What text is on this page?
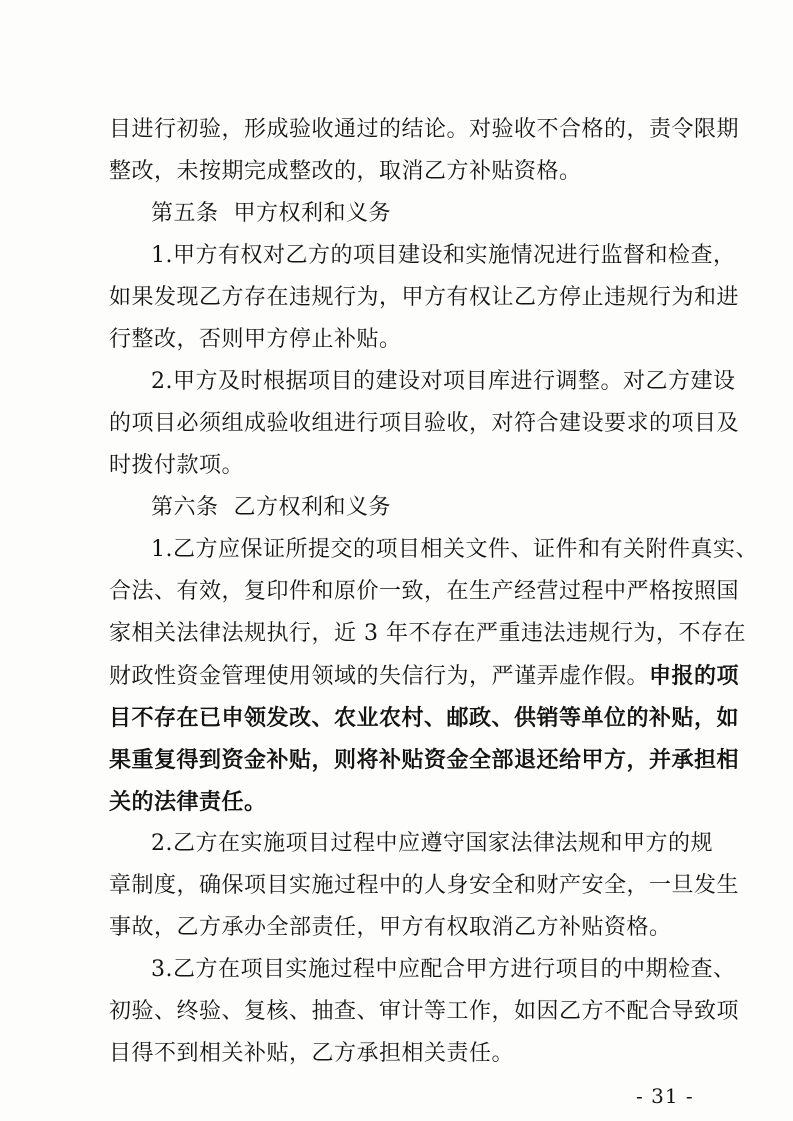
目进行初验，形成验收通过的结论。对验收不合格的，责令限期
整改，未按期完成整改的，取消乙方补贴资格。
第五条  甲方权利和义务
1.甲方有权对乙方的项目建设和实施情况进行监督和检查，
如果发现乙方存在违规行为，甲方有权让乙方停止违规行为和进
行整改，否则甲方停止补贴。
2.甲方及时根据项目的建设对项目库进行调整。对乙方建设
的项目必须组成验收组进行项目验收，对符合建设要求的项目及
时拨付款项。
第六条  乙方权利和义务
1.乙方应保证所提交的项目相关文件、证件和有关附件真实、
合法、有效，复印件和原价一致，在生产经营过程中严格按照国
家相关法律法规执行，近 3 年不存在严重违法违规行为，不存在
财政性资金管理使用领域的失信行为，严谨弄虚作假。申报的项
目不存在已申领发改、农业农村、邮政、供销等单位的补贴，如
果重复得到资金补贴，则将补贴资金全部退还给甲方，并承担相
关的法律责任。
2.乙方在实施项目过程中应遵守国家法律法规和甲方的规
章制度，确保项目实施过程中的人身安全和财产安全，一旦发生
事故，乙方承办全部责任，甲方有权取消乙方补贴资格。
3.乙方在项目实施过程中应配合甲方进行项目的中期检查、
初验、终验、复核、抽查、审计等工作，如因乙方不配合导致项
目得不到相关补贴，乙方承担相关责任。
- 31 -
